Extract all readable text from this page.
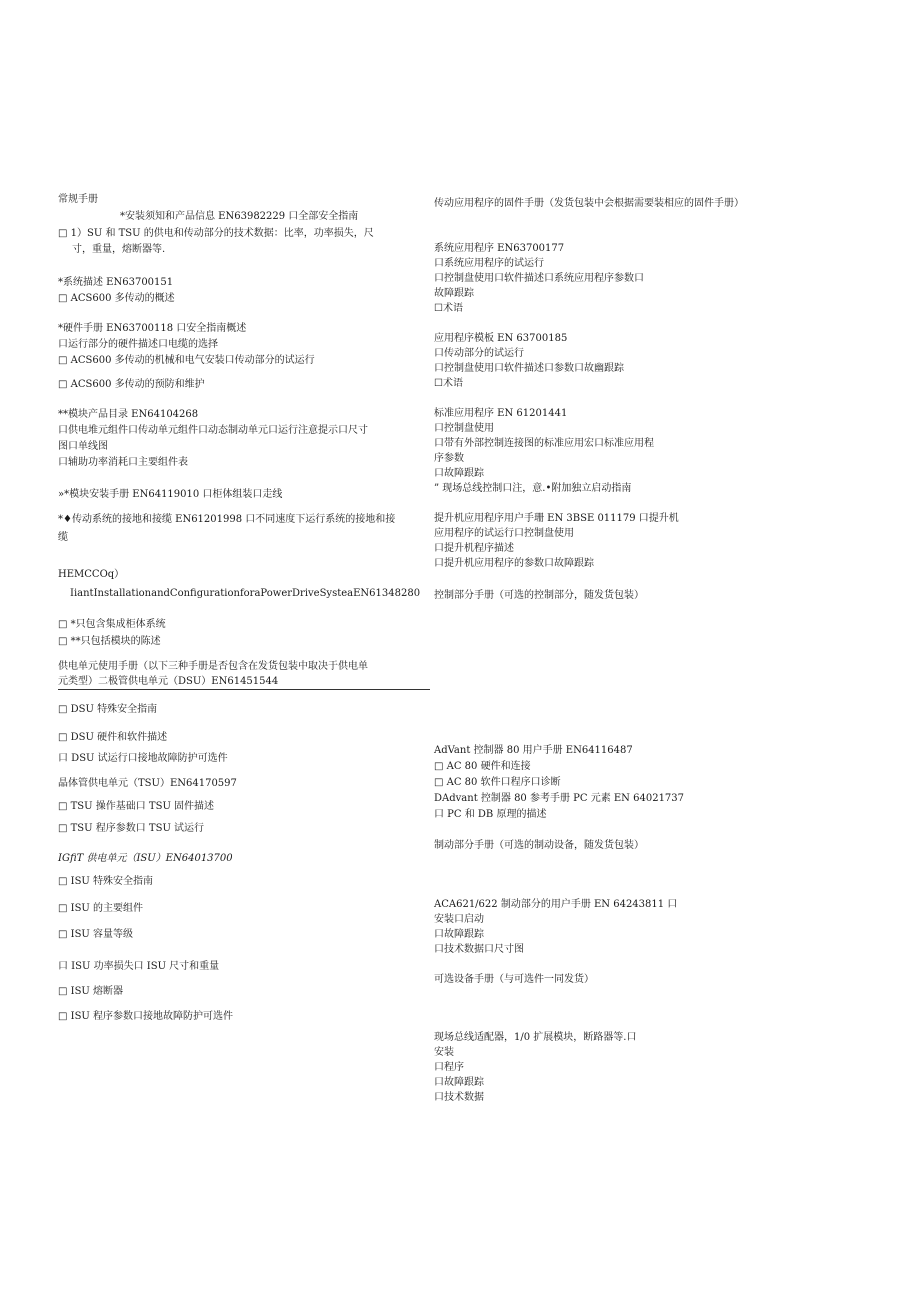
常规手册
*安装须知和产品信息 EN63982229 口全部安全指南
□ 1）SU 和 TSU 的供电和传动部分的技术数据：比率，功率损失，尺
寸，重量，熔断器等.
*系统描述 EN63700151
□ ACS600 多传动的概述
*硬件手册 EN63700118 口安全指南概述
口运行部分的硬件描述口电缆的选择
□ ACS600 多传动的机械和电气安装口传动部分的试运行
□ ACS600 多传动的预防和维护
**模块产品目录 EN64104268
口供电堆元组件口传动单元组件口动态制动单元口运行注意提示口尺寸
图口单线图
口辅助功率消耗口主要组件表
»*模块安装手册 EN64119010 口柜体组装口走线
*♦传动系统的接地和接缆 EN61201998 口不同速度下运行系统的接地和接
缆
HEMCCOq）
IiantInstallationandConfigurationforaPowerDriveSysteaEN61348280
□ *只包含集成柜体系统
□ **只包括模块的陈述
供电单元使用手册（以下三种手册是否包含在发货包装中取决于供电单
元类型）二极管供电单元（DSU）EN61451544
□ DSU 特殊安全指南
□ DSU 硬件和软件描述
口 DSU 试运行口接地故障防护可选件
晶体管供电单元（TSU）EN64170597
□ TSU 操作基础口 TSU 固件描述
□ TSU 程序参数口 TSU 试运行
IGfiT 供电单元（ISU）EN64013700
□ ISU 特殊安全指南
□ ISU 的主要组件
□ ISU 容量等级
口 ISU 功率损失口 ISU 尺寸和重量
□ ISU 熔断器
□ ISU 程序参数口接地故障防护可选件
传动应用程序的固件手册（发货包装中会根据需要装相应的固件手册）
系统应用程序 EN63700177
口系统应用程序的试运行
口控制盘使用口软件描述口系统应用程序参数口
故障跟踪
☐术语
应用程序模板 EN 63700185
口传动部分的试运行
口控制盘使用口软件描述口参数口故幽跟踪
☐术语
标准应用程序 EN 61201441
口控制盘使用
口带有外部控制连接图的标准应用宏口标准应用程
序参数
口故障跟踪
” 现场总线控制口注，意.•附加独立启动指南
提升机应用程序用户手珊 EN 3BSE 011179 口提升机
应用程序的试运行口控制盘使用
口提升机程序描述
口提升机应用程序的参数口故障跟踪
控制部分手册（可选的控制部分，随发货包装）
AdVant 控制器 80 用户手册 EN64116487
□ AC 80 硬件和连接
□ AC 80 软件口程序口诊断
DAdvant 控制器 80 参考手册 PC 元素 EN 64021737
口 PC 和 DB 原理的描述
制动部分手册（可选的制动设备，随发货包装）
ACA621/622 制动部分的用户手册 EN 64243811 口
安装口启动
口故障跟踪
口技术数据口尺寸图
可选设备手册（与可选件一同发货）
现场总线适配器，1/0 扩展模块，断路器等.口
安装
口程序
口故障跟踪
口技术数据
